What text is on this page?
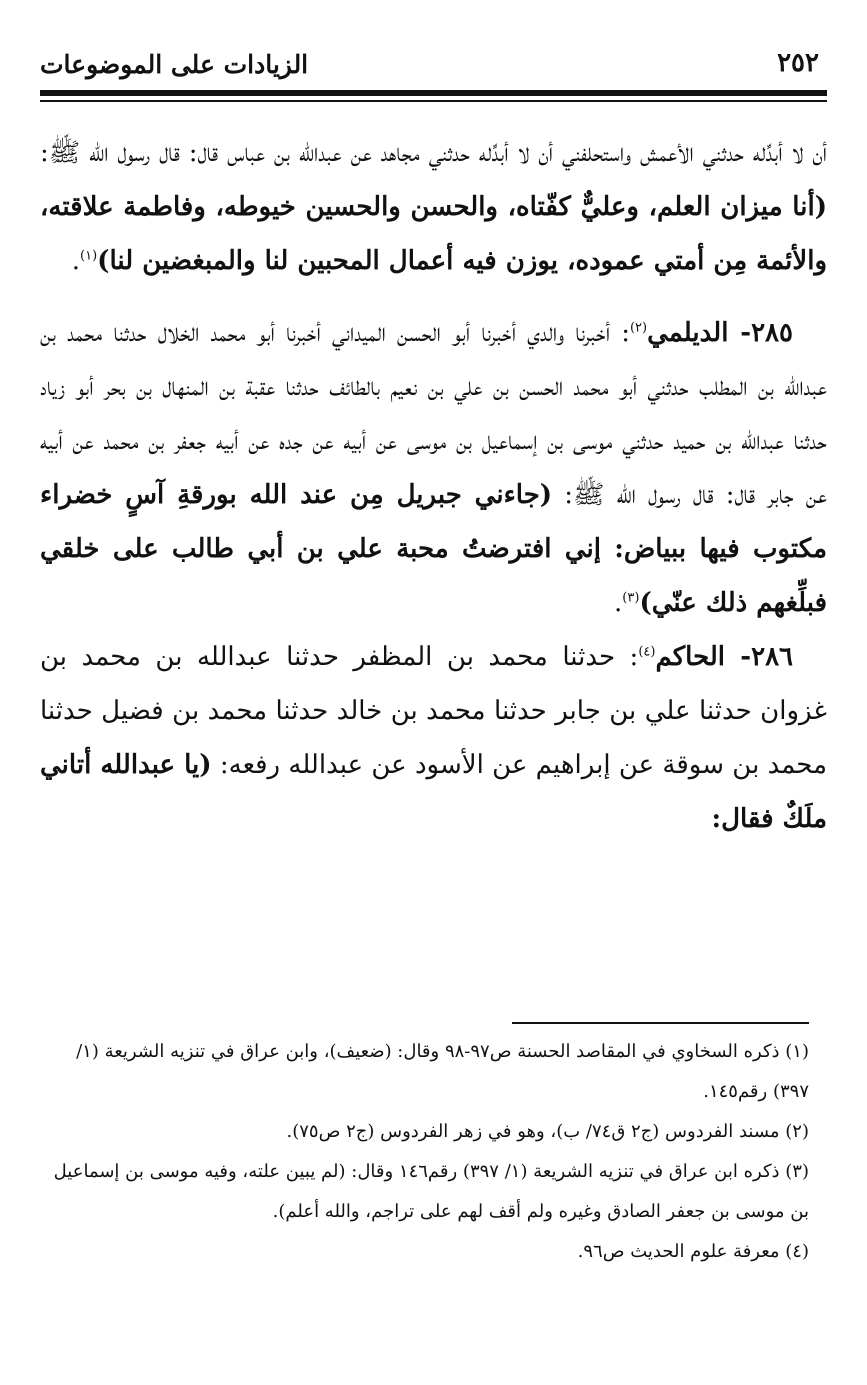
٢٥٢
الزيادات على الموضوعات

أن لا أبدِّله حدثني الأعمش واستحلفني أن لا أبدِّله حدثني مجاهد عن عبدالله بن عباس قال: قال رسول الله ﷺ:(أنا ميزان العلم، وعليٌّ كفّتاه، والحسن والحسين خيوطه، وفاطمة علاقته، والأئمة مِن أمتي عموده، يوزن فيه أعمال المحبين لنا والمبغضين لنا)$^{(١)}$.

٢٨٥- الديلمي$^{(٢)}$: أخبرنا والدي أخبرنا أبو الحسن الميداني أخبرنا أبو محمد الخلال حدثنا محمد بن عبدالله بن المطلب حدثني أبو محمد الحسن بن علي بن نعيم بالطائف حدثنا عقبة بن المنهال بن بحر أبو زياد حدثنا عبدالله بن حميد حدثني موسى بن إسماعيل بن موسى عن أبيه عن جده عن أبيه جعفر بن محمد عن أبيه عن جابر قال: قال رسول الله ﷺ: (جاءني جبريل مِن عند الله بورقةِ آسٍ خضراء مكتوب فيها ببياض: إني افترضتُ محبة علي بن أبي طالب على خلقي فبلِّغهم ذلك عنّي)$^{(٣)}$.

٢٨٦- الحاكم$^{(٤)}$: حدثنا محمد بن المظفر حدثنا عبدالله بن محمد بن غزوان حدثنا علي بن جابر حدثنا محمد بن خالد حدثنا محمد بن فضيل حدثنا محمد بن سوقة عن إبراهيم عن الأسود عن عبدالله رفعه: (يا عبدالله أتاني ملَكٌ فقال:

(١) ذكره السخاوي في المقاصد الحسنة ص٩٧-٩٨ وقال: (ضعيف)، وابن عراق في تنزيه الشريعة (١/ ٣٩٧) رقم١٤٥.

(٢) مسند الفردوس (ج٢ ق٧٤/ ب)، وهو في زهر الفردوس (ج٢ ص٧٥).

(٣) ذكره ابن عراق في تنزيه الشريعة (١/ ٣٩٧) رقم١٤٦ وقال: (لم يبين علته، وفيه موسى بن إسماعيل بن موسى بن جعفر الصادق وغيره ولم أقف لهم على تراجم، والله أعلم).

(٤) معرفة علوم الحديث ص٩٦.
